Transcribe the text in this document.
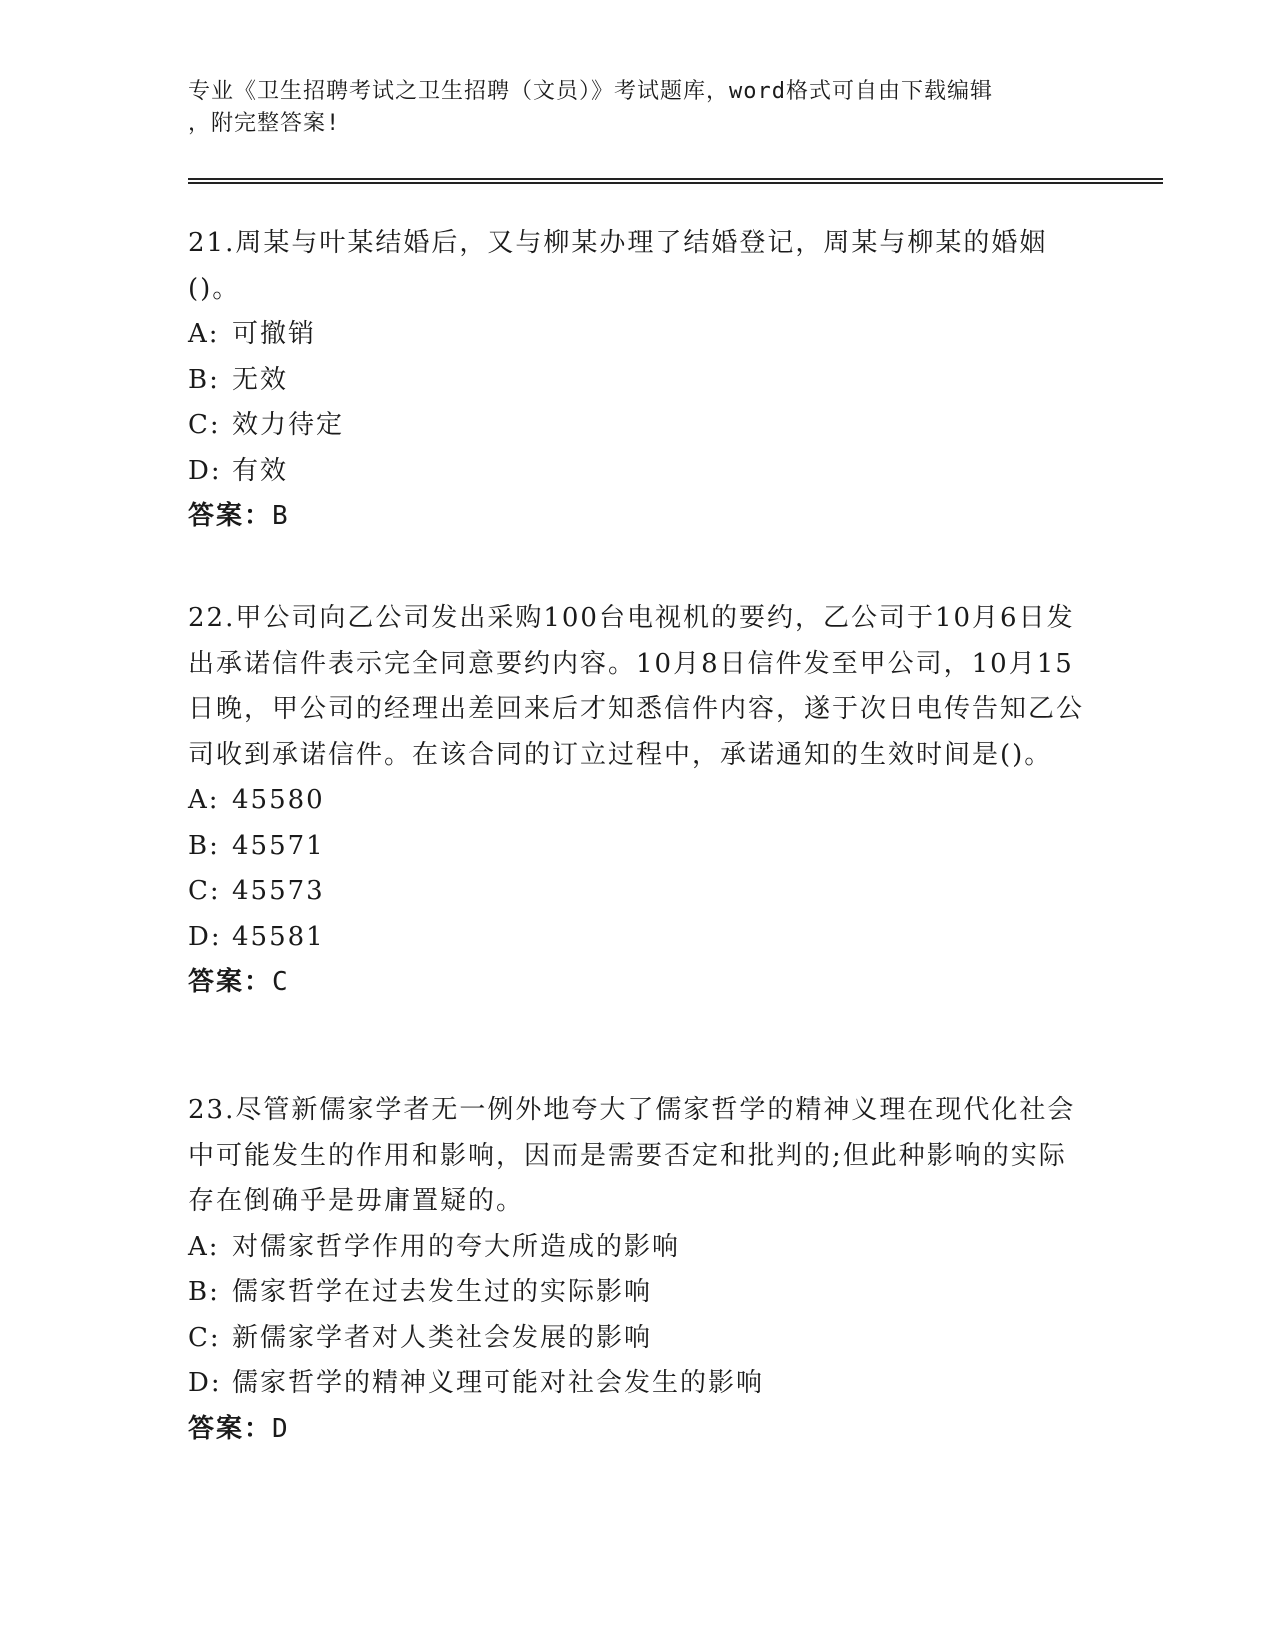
专业《卫生招聘考试之卫生招聘（文员）》考试题库，word格式可自由下载编辑
，附完整答案!

21.周某与叶某结婚后，又与柳某办理了结婚登记，周某与柳某的婚姻()。

A: 可撤销

B: 无效

C: 效力待定

D: 有效

答案：B

22.甲公司向乙公司发出采购100台电视机的要约，乙公司于10月6日发出承诺信件表示完全同意要约内容。10月8日信件发至甲公司，10月15日晚，甲公司的经理出差回来后才知悉信件内容，遂于次日电传告知乙公司收到承诺信件。在该合同的订立过程中，承诺通知的生效时间是()。

A: 45580

B: 45571

C: 45573

D: 45581

答案：C

23.尽管新儒家学者无一例外地夸大了儒家哲学的精神义理在现代化社会中可能发生的作用和影响，因而是需要否定和批判的;但此种影响的实际存在倒确乎是毋庸置疑的。

A: 对儒家哲学作用的夸大所造成的影响

B: 儒家哲学在过去发生过的实际影响

C: 新儒家学者对人类社会发展的影响

D: 儒家哲学的精神义理可能对社会发生的影响

答案：D
